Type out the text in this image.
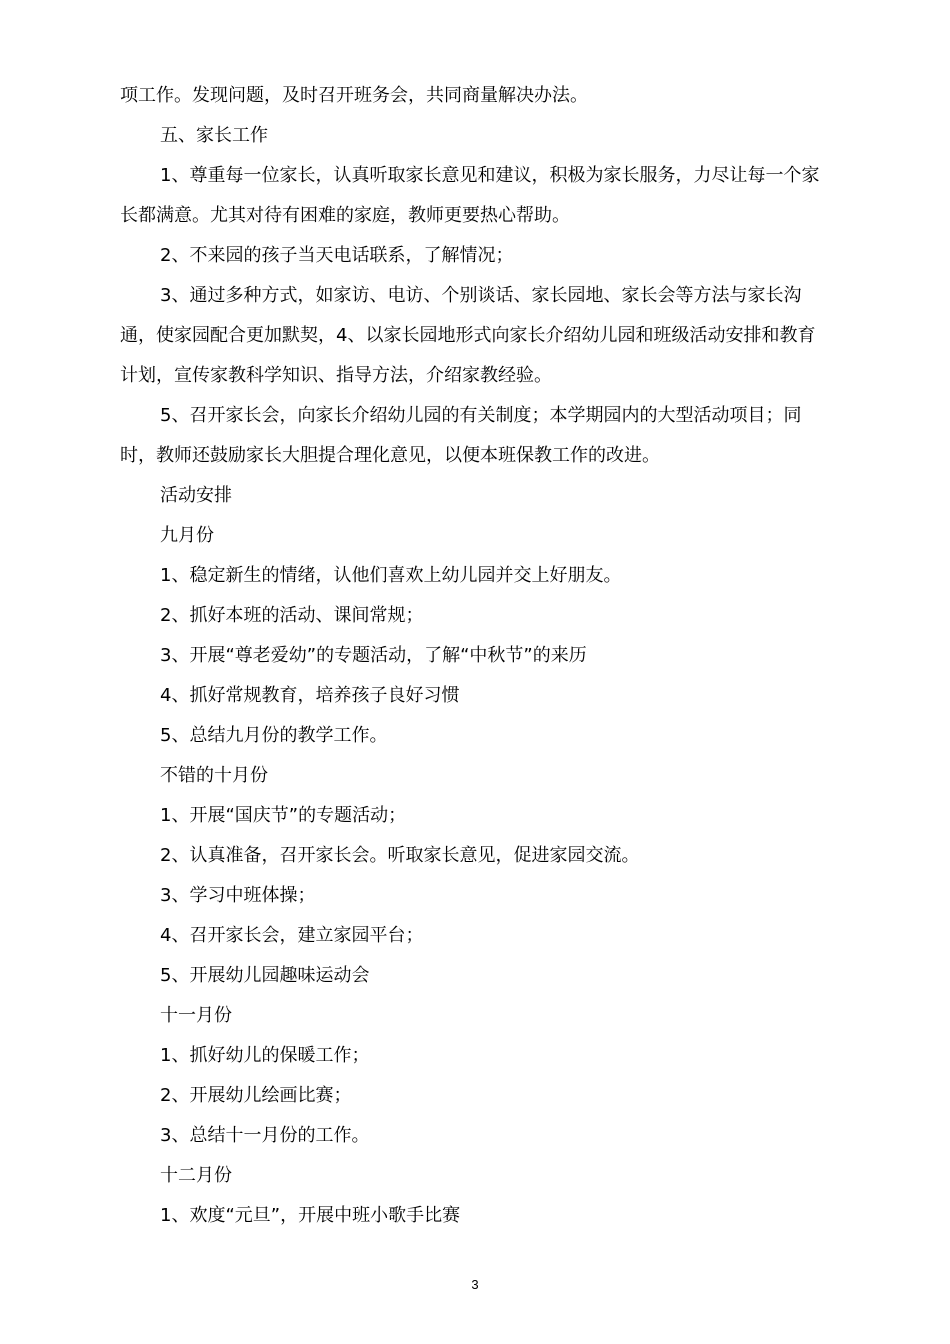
项工作。发现问题，及时召开班务会，共同商量解决办法。

五、家长工作

1、尊重每一位家长，认真听取家长意见和建议，积极为家长服务，力尽让每一个家长都满意。尤其对待有困难的家庭，教师更要热心帮助。

2、不来园的孩子当天电话联系，了解情况；

3、通过多种方式，如家访、电访、个别谈话、家长园地、家长会等方法与家长沟通，使家园配合更加默契，4、以家长园地形式向家长介绍幼儿园和班级活动安排和教育计划，宣传家教科学知识、指导方法，介绍家教经验。

5、召开家长会，向家长介绍幼儿园的有关制度；本学期园内的大型活动项目；同时，教师还鼓励家长大胆提合理化意见，以便本班保教工作的改进。

活动安排

九月份

1、稳定新生的情绪，认他们喜欢上幼儿园并交上好朋友。

2、抓好本班的活动、课间常规；

3、开展“尊老爱幼”的专题活动，了解“中秋节”的来历

4、抓好常规教育，培养孩子良好习惯

5、总结九月份的教学工作。

不错的十月份

1、开展“国庆节”的专题活动；

2、认真准备，召开家长会。听取家长意见，促进家园交流。

3、学习中班体操；

4、召开家长会，建立家园平台；

5、开展幼儿园趣味运动会

十一月份

1、抓好幼儿的保暖工作；

2、开展幼儿绘画比赛；

3、总结十一月份的工作。

十二月份

1、欢度“元旦”，开展中班小歌手比赛

3
